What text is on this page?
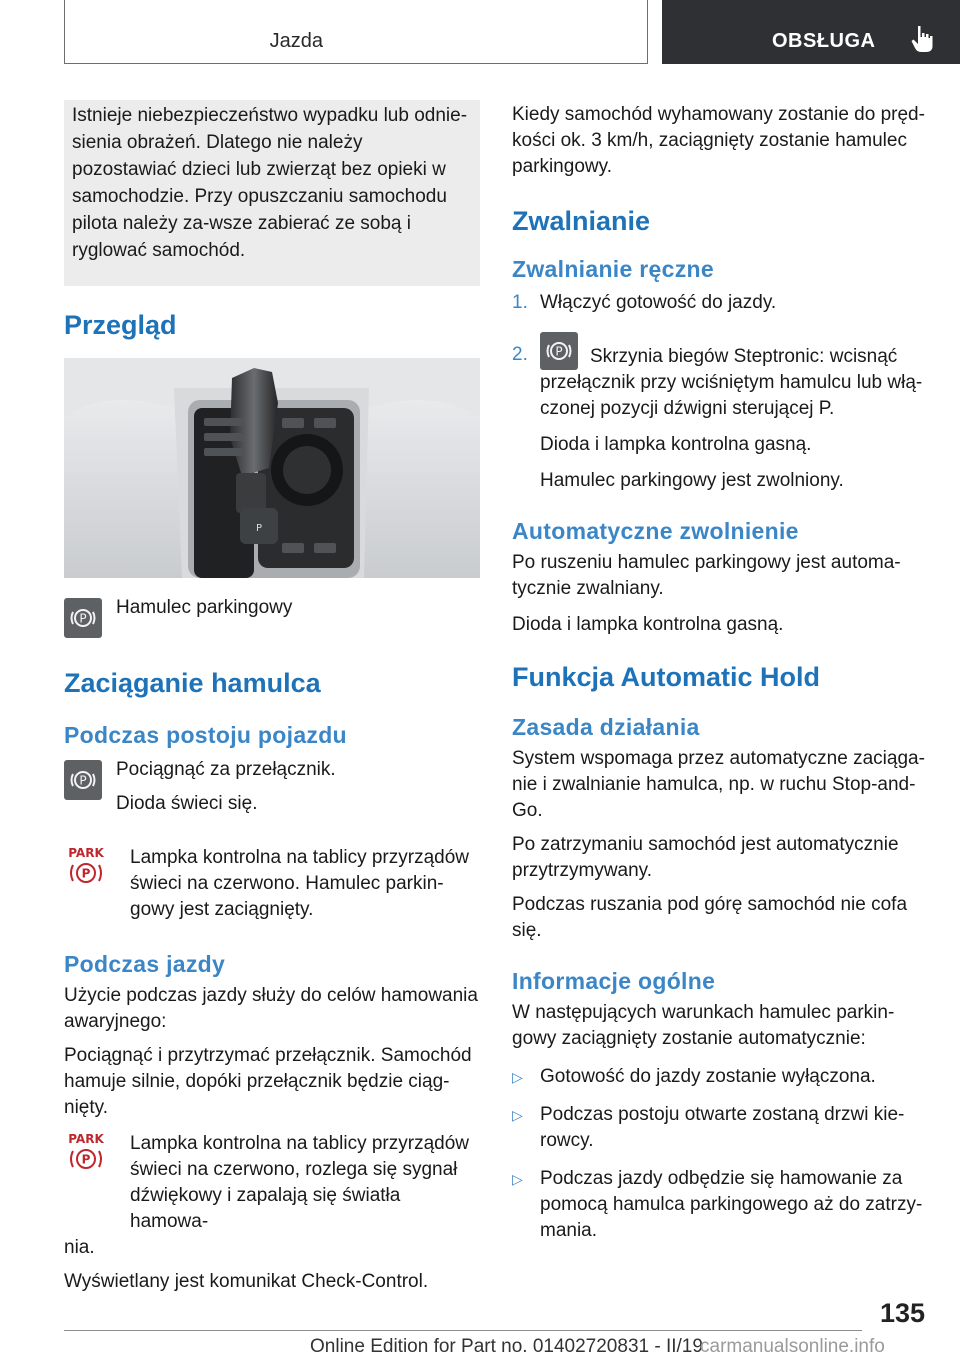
Jazda	OBSŁUGA

Istnieje niebezpieczeństwo wypadku lub odnie-sienia obrażeń. Dlatego nie należy pozostawiać dzieci lub zwierząt bez opieki w samochodzie. Przy opuszczaniu samochodu pilota należy za-wsze zabierać ze sobą i ryglować samochód.

Przegląd
P
P

Hamulec parkingowy

Zaciąganie hamulca
Podczas postoju pojazdu
P

Pociągnąć za przełącznik.

Dioda świeci się.

PARK
P

Lampka kontrolna na tablicy przyrządów świeci na czerwono. Hamulec parkin-gowy jest zaciągnięty.

Podczas jazdy

Użycie podczas jazdy służy do celów hamowania awaryjnego:

Pociągnąć i przytrzymać przełącznik. Samochód hamuje silnie, dopóki przełącznik będzie ciąg-nięty.

PARK
P

Lampka kontrolna na tablicy przyrządów świeci na czerwono, rozlega się sygnał dźwiękowy i zapalają się światła hamowa-

nia.

Wyświetlany jest komunikat Check-Control.

Kiedy samochód wyhamowany zostanie do pręd-kości ok. 3 km/h, zaciągnięty zostanie hamulec parkingowy.

Zwalnianie
Zwalnianie ręczne
1. Włączyć gotowość do jazdy.

2.	P	Skrzynia biegów Steptronic: wcisnąć przełącznik przy wciśniętym hamulcu lub włą-czonej pozycji dźwigni sterującej P.

Dioda i lampka kontrolna gasną.

Hamulec parkingowy jest zwolniony.

Automatyczne zwolnienie

Po ruszeniu hamulec parkingowy jest automa-tycznie zwalniany.

Dioda i lampka kontrolna gasną.

Funkcja Automatic Hold
Zasada działania

System wspomaga przez automatyczne zaciąga-nie i zwalnianie hamulca, np. w ruchu Stop-and-Go.

Po zatrzymaniu samochód jest automatycznie przytrzymywany.

Podczas ruszania pod górę samochód nie cofa się.

Informacje ogólne

W następujących warunkach hamulec parkin-gowy zaciągnięty zostanie automatycznie:

▷ Gotowość do jazdy zostanie wyłączona.

▷ Podczas postoju otwarte zostaną drzwi kie-rowcy.

▷ Podczas jazdy odbędzie się hamowanie za pomocą hamulca parkingowego aż do zatrzy-mania.

135
Online Edition for Part no. 01402720831 - II/19
carmanualsonline.info
